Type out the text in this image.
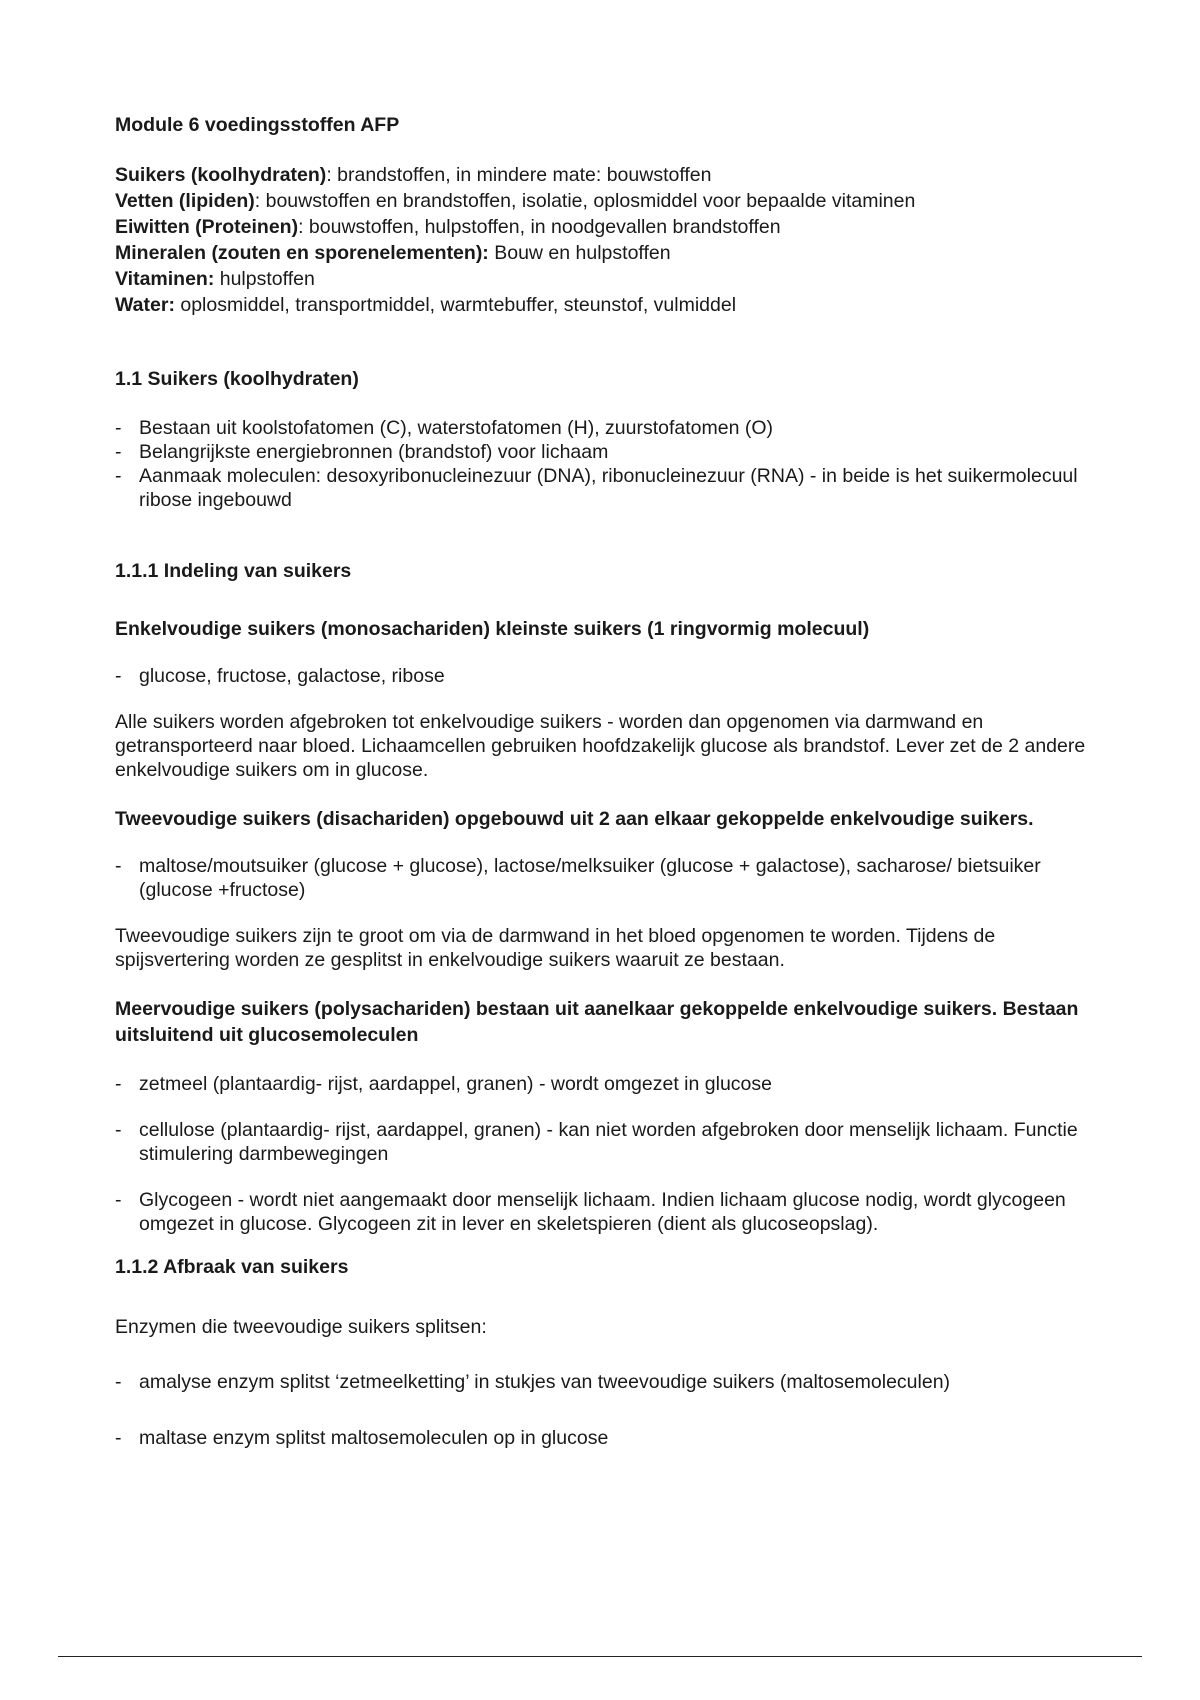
Module 6 voedingsstoffen AFP

Suikers (koolhydraten): brandstoffen, in mindere mate: bouwstoffen

Vetten (lipiden): bouwstoffen en brandstoffen, isolatie, oplosmiddel voor bepaalde vitaminen

Eiwitten (Proteinen): bouwstoffen, hulpstoffen, in noodgevallen brandstoffen

Mineralen (zouten en sporenelementen): Bouw en hulpstoffen

Vitaminen: hulpstoffen

Water: oplosmiddel, transportmiddel, warmtebuffer, steunstof, vulmiddel

1.1 Suikers (koolhydraten)

- Bestaan uit koolstofatomen (C), waterstofatomen (H), zuurstofatomen (O)
- Belangrijkste energiebronnen (brandstof) voor lichaam
- Aanmaak moleculen: desoxyribonucleinezuur (DNA), ribonucleinezuur (RNA) - in beide is het suikermolecuul ribose ingebouwd

1.1.1 Indeling van suikers

Enkelvoudige suikers (monosachariden) kleinste suikers (1 ringvormig molecuul)

- glucose, fructose, galactose, ribose

Alle suikers worden afgebroken tot enkelvoudige suikers - worden dan opgenomen via darmwand en getransporteerd naar bloed. Lichaamcellen gebruiken hoofdzakelijk glucose als brandstof. Lever zet de 2 andere enkelvoudige suikers om in glucose.

Tweevoudige suikers (disachariden) opgebouwd uit 2 aan elkaar gekoppelde enkelvoudige suikers.

- maltose/moutsuiker (glucose + glucose), lactose/melksuiker (glucose + galactose), sacharose/ bietsuiker (glucose +fructose)

Tweevoudige suikers zijn te groot om via de darmwand in het bloed opgenomen te worden. Tijdens de spijsvertering worden ze gesplitst in enkelvoudige suikers waaruit ze bestaan.

Meervoudige suikers (polysachariden) bestaan uit aanelkaar gekoppelde enkelvoudige suikers. Bestaan uitsluitend uit glucosemoleculen

- zetmeel (plantaardig- rijst, aardappel, granen) - wordt omgezet in glucose
- cellulose (plantaardig- rijst, aardappel, granen) - kan niet worden afgebroken door menselijk lichaam. Functie stimulering darmbewegingen
- Glycogeen - wordt niet aangemaakt door menselijk lichaam. Indien lichaam glucose nodig, wordt glycogeen omgezet in glucose. Glycogeen zit in lever en skeletspieren (dient als glucoseopslag).

1.1.2 Afbraak van suikers

Enzymen die tweevoudige suikers splitsen:

- amalyse enzym splitst ‘zetmeelketting’ in stukjes van tweevoudige suikers (maltosemoleculen)
- maltase enzym splitst maltosemoleculen op in glucose
